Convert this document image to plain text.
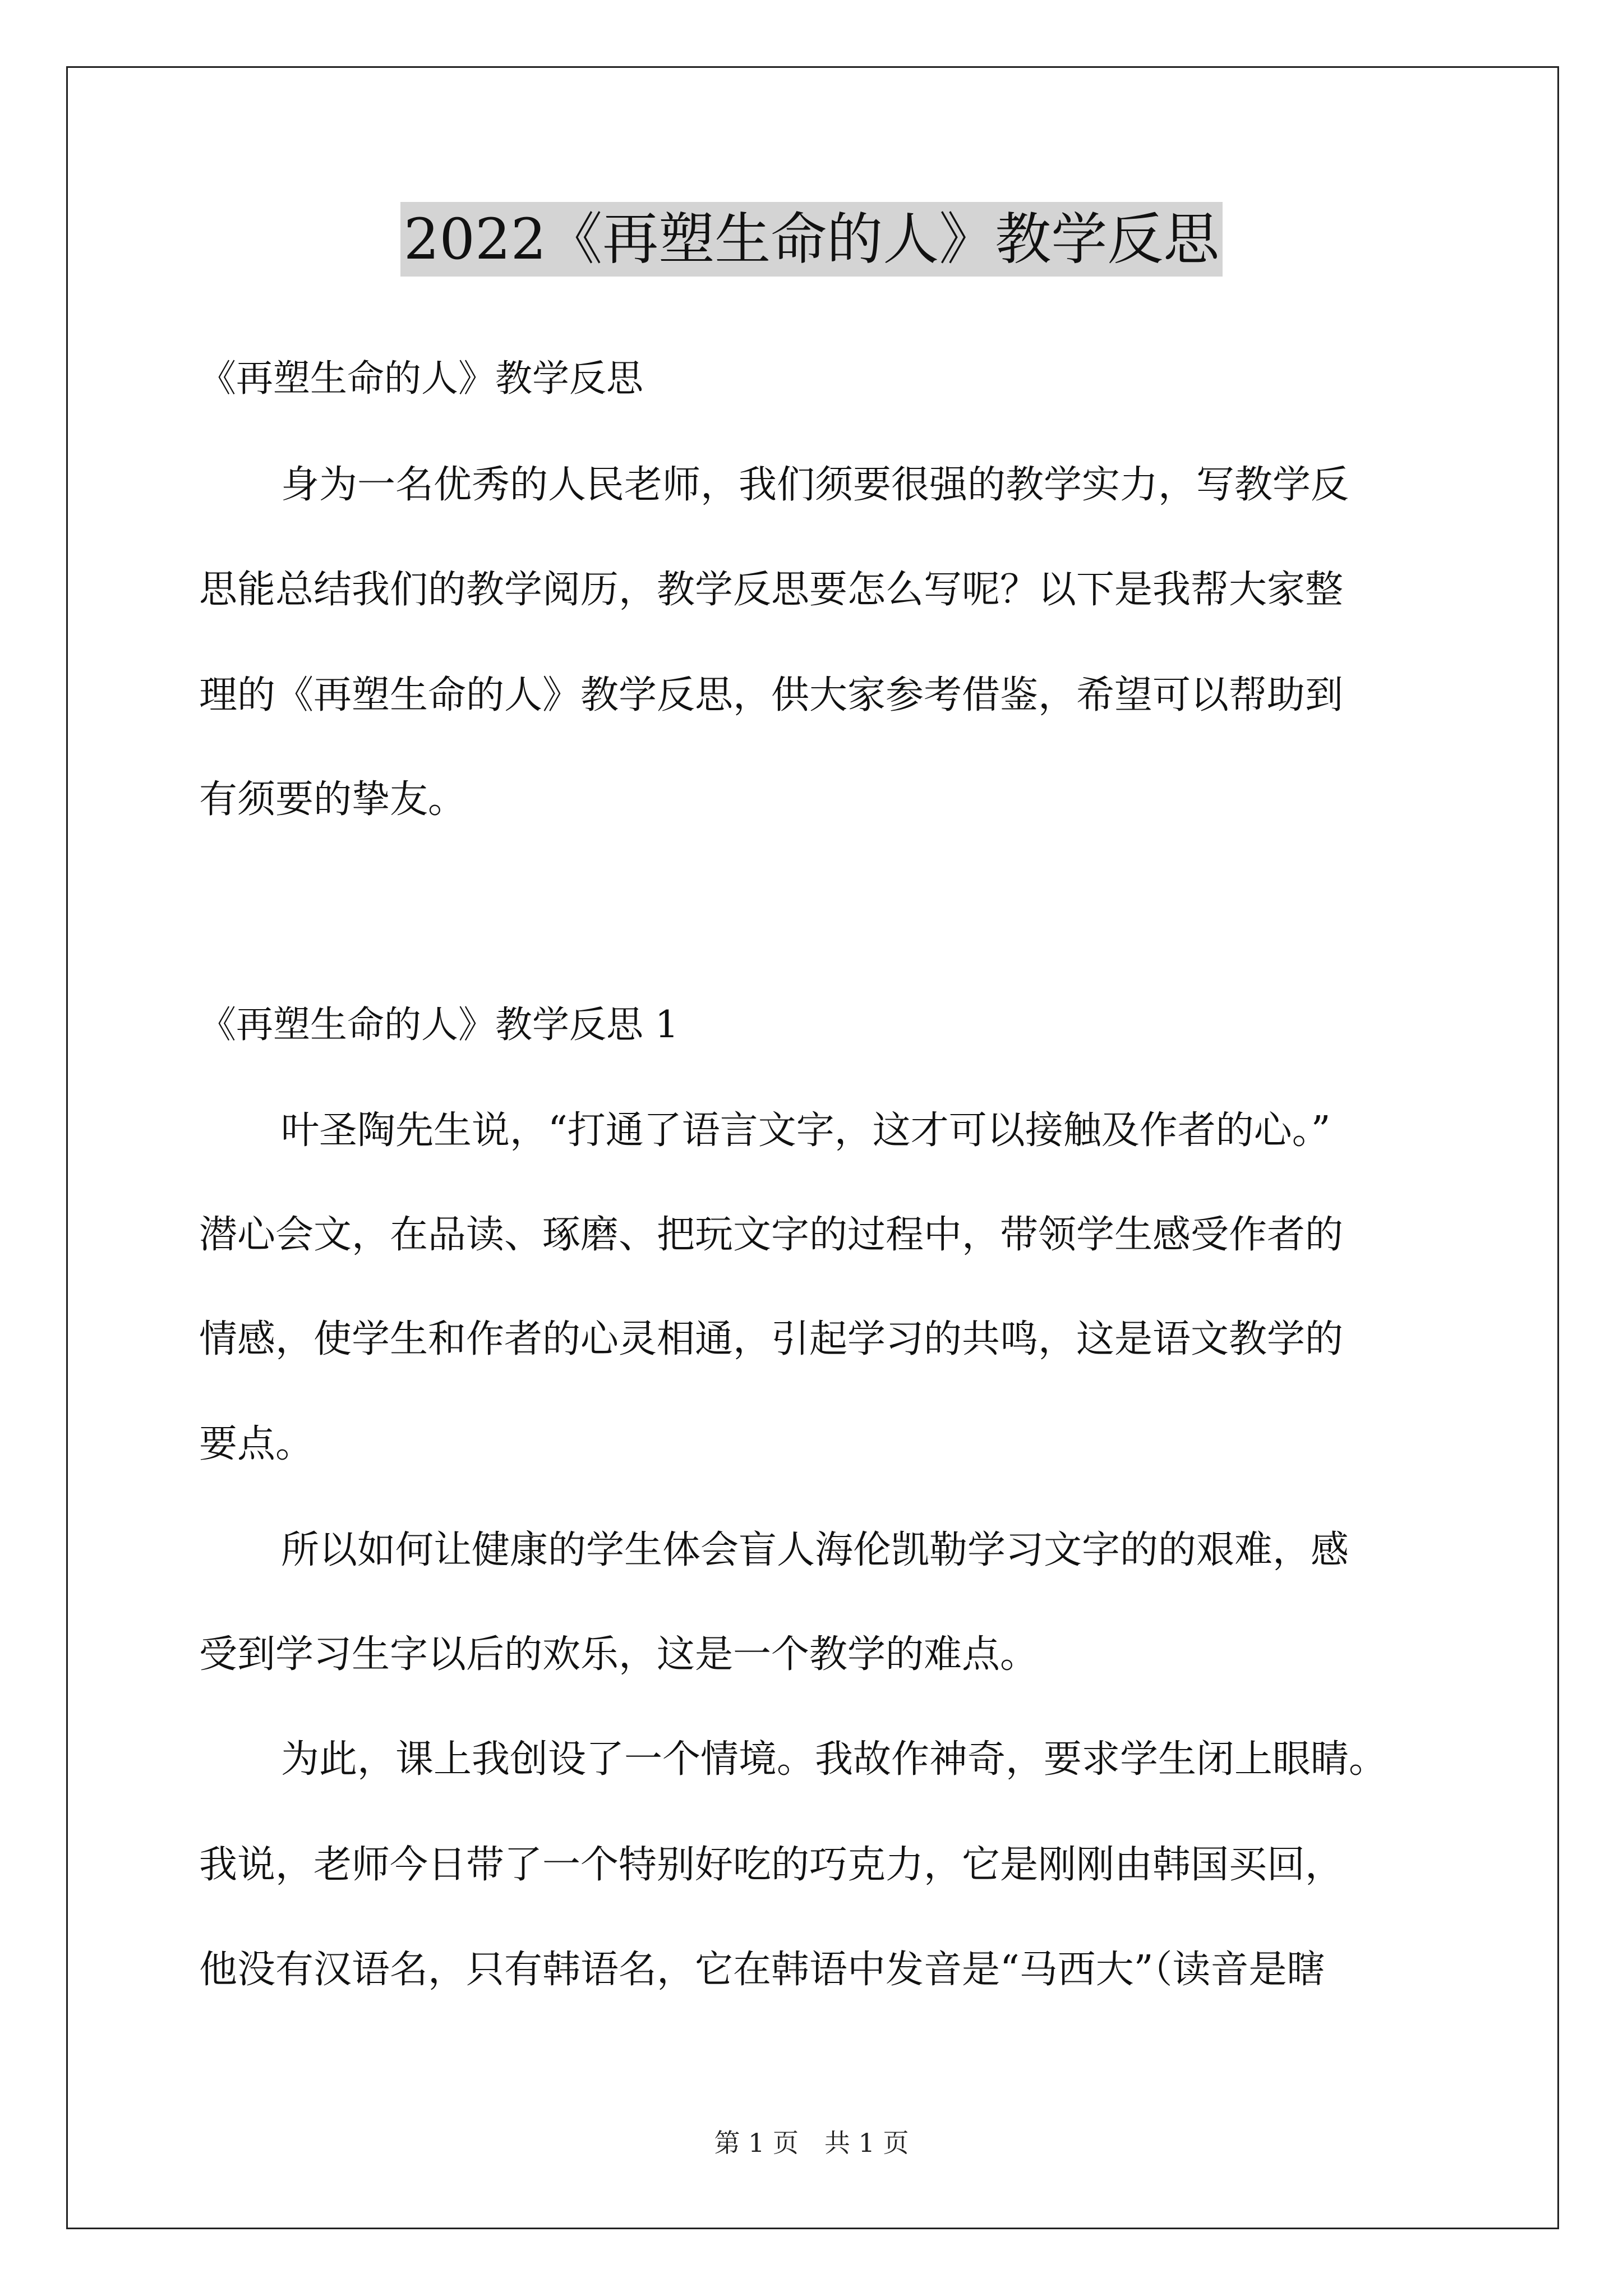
2022《再塑生命的人》教学反思

《再塑生命的人》教学反思

身为一名优秀的人民老师，我们须要很强的教学实力，写教学反

思能总结我们的教学阅历，教学反思要怎么写呢？以下是我帮大家整

理的《再塑生命的人》教学反思，供大家参考借鉴，希望可以帮助到

有须要的挚友。

《再塑生命的人》教学反思 1

叶圣陶先生说，“打通了语言文字，这才可以接触及作者的心。”

潜心会文，在品读、琢磨、把玩文字的过程中，带领学生感受作者的

情感，使学生和作者的心灵相通，引起学习的共鸣，这是语文教学的

要点。

所以如何让健康的学生体会盲人海伦凯勒学习文字的的艰难，感

受到学习生字以后的欢乐，这是一个教学的难点。

为此，课上我创设了一个情境。我故作神奇，要求学生闭上眼睛。

我说，老师今日带了一个特别好吃的巧克力，它是刚刚由韩国买回，

他没有汉语名，只有韩语名，它在韩语中发音是“马西大”（读音是瞎

第 1 页　共 1 页
